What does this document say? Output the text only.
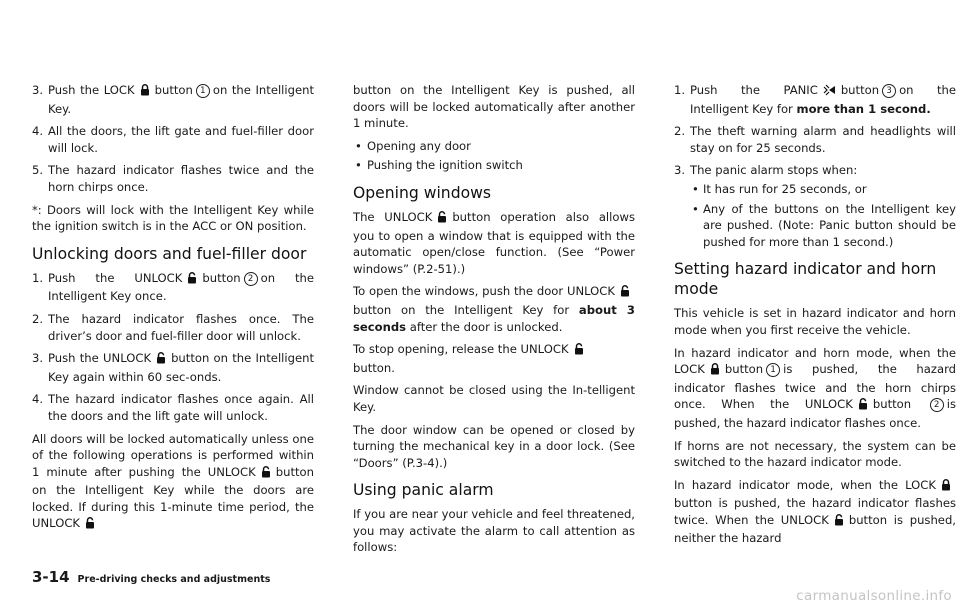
3. Push the LOCK button 1 on the Intelligent Key.
4. All the doors, the lift gate and fuel-filler door will lock.
5. The hazard indicator flashes twice and the horn chirps once.

*: Doors will lock with the Intelligent Key while the ignition switch is in the ACC or ON position.

Unlocking doors and fuel-filler door
1. Push the UNLOCK button 2 on the Intelligent Key once.
2. The hazard indicator flashes once. The driver’s door and fuel-filler door will unlock.
3. Push the UNLOCK button on the Intelligent Key again within 60 sec-onds.
4. The hazard indicator flashes once again. All the doors and the lift gate will unlock.

All doors will be locked automatically unless one of the following operations is performed within 1 minute after pushing the UNLOCK button on the Intelligent Key while the doors are locked. If during this 1-minute time period, the UNLOCK

button on the Intelligent Key is pushed, all doors will be locked automatically after another 1 minute.

• Opening any door
• Pushing the ignition switch
Opening windows

The UNLOCK button operation also allows you to open a window that is equipped with the automatic open/close function. (See “Power windows” (P.2-51).)

To open the windows, push the door UNLOCKbutton on the Intelligent Key for about 3 seconds after the door is unlocked.

To stop opening, release the UNLOCK
button.

Window cannot be closed using the In-telligent Key.

The door window can be opened or closed by turning the mechanical key in a door lock. (See “Doors” (P.3-4).)

Using panic alarm

If you are near your vehicle and feel threatened, you may activate the alarm to call attention as follows:

1. Push the PANIC button 3 on the Intelligent Key for more than 1 second.
2. The theft warning alarm and headlights will stay on for 25 seconds.
3. The panic alarm stops when:
• It has run for 25 seconds, or
• Any of the buttons on the Intelligent key are pushed. (Note: Panic button should be pushed for more than 1 second.)
Setting hazard indicator and horn mode

This vehicle is set in hazard indicator and horn mode when you first receive the vehicle.

In hazard indicator and horn mode, when the LOCK button 1 is pushed, the hazard indicator flashes twice and the horn chirps once. When the UNLOCK button	2 is pushed, the hazard indicator flashes once.

If horns are not necessary, the system can be switched to the hazard indicator mode.

In hazard indicator mode, when the LOCKbutton is pushed, the hazard indicator flashes twice. When the UNLOCK button is pushed, neither the hazard

3-14 Pre-driving checks and adjustments
carmanualsonline.info
